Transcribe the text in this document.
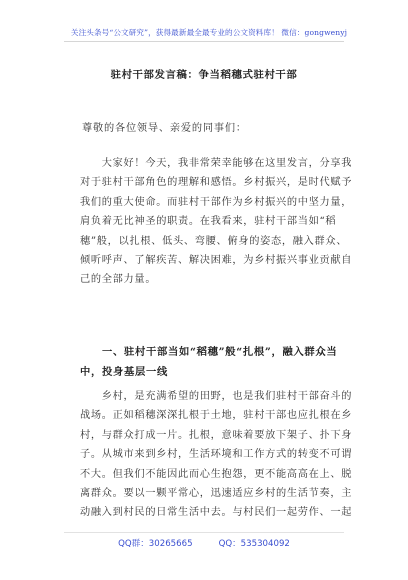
关注头条号“公文研究”，获得最新最全最专业的公文资料库！ 微信：gongwenyj
驻村干部发言稿：争当稻穗式驻村干部
尊敬的各位领导、亲爱的同事们：
　　大家好！今天，我非常荣幸能够在这里发言，分享我
对于驻村干部角色的理解和感悟。乡村振兴，是时代赋予
我们的重大使命。而驻村干部作为乡村振兴的中坚力量，
肩负着无比神圣的职责。在我看来，驻村干部当如“稻
穗”般，以扎根、低头、弯腰、俯身的姿态，融入群众、
倾听呼声、了解疾苦、解决困难，为乡村振兴事业贡献自
己的全部力量。
　　一、驻村干部当如“稻穗”般“扎根”，融入群众当
中，投身基层一线
　　乡村，是充满希望的田野，也是我们驻村干部奋斗的
战场。正如稻穗深深扎根于土地，驻村干部也应扎根在乡
村，与群众打成一片。扎根，意味着要放下架子、扑下身
子。从城市来到乡村，生活环境和工作方式的转变不可谓
不大。但我们不能因此而心生抱怨，更不能高高在上、脱
离群众。要以一颗平常心，迅速适应乡村的生活节奏，主
动融入到村民的日常生活中去。与村民们一起劳作、一起
QQ群：30265665	QQ：535304092
